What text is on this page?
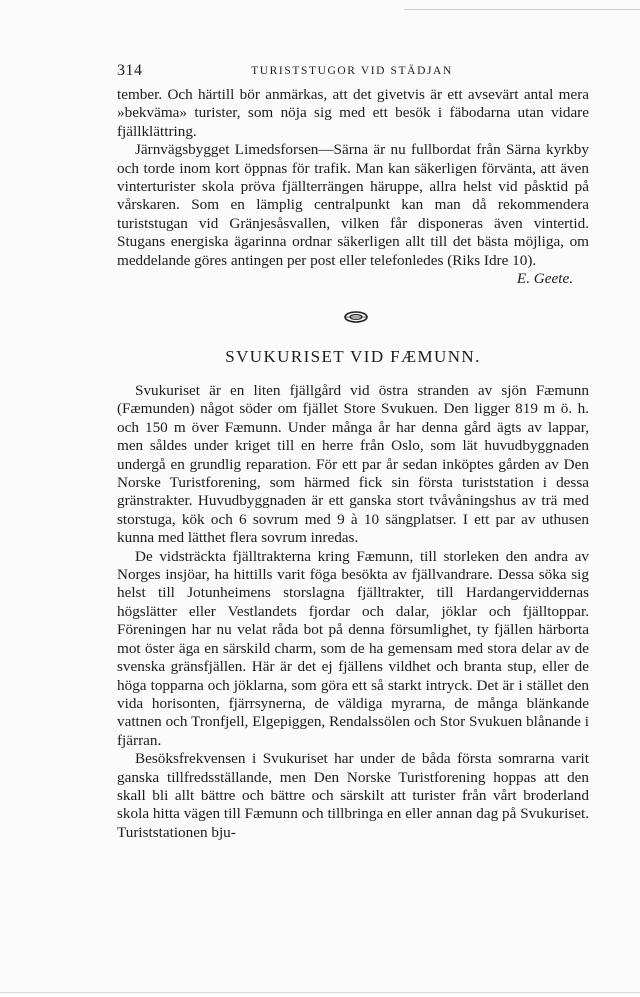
314	TURISTSTUGOR VID STÄDJAN

tember. Och härtill bör anmärkas, att det givetvis är ett avsevärt antal mera »bekväma» turister, som nöja sig med ett besök i fäbodarna utan vidare fjällklättring.

Järnvägsbygget Limedsforsen—Särna är nu fullbordat från Särna kyrkby och torde inom kort öppnas för trafik. Man kan säkerligen förvänta, att även vinterturister skola pröva fjällterrängen häruppe, allra helst vid påsktid på vårskaren. Som en lämplig centralpunkt kan man då rekommendera turiststugan vid Gränjesåsvallen, vilken får disponeras även vintertid. Stugans energiska ägarinna ordnar säkerligen allt till det bästa möjliga, om meddelande göres antingen per post eller telefonledes (Riks Idre 10).

E. Geete.

SVUKURISET VID FÆMUNN.

Svukuriset är en liten fjällgård vid östra stranden av sjön Fæmunn (Fæmunden) något söder om fjället Store Svukuen. Den ligger 819 m ö. h. och 150 m över Fæmunn. Under många år har denna gård ägts av lappar, men såldes under kriget till en herre från Oslo, som lät huvudbyggnaden undergå en grundlig reparation. För ett par år sedan inköptes gården av Den Norske Turistforening, som härmed fick sin första turiststation i dessa gränstrakter. Huvudbyggnaden är ett ganska stort tvåvåningshus av trä med storstuga, kök och 6 sovrum med 9 à 10 sängplatser. I ett par av uthusen kunna med lätthet flera sovrum inredas.

De vidsträckta fjälltrakterna kring Fæmunn, till storleken den andra av Norges insjöar, ha hittills varit föga besökta av fjällvandrare. Dessa söka sig helst till Jotunheimens storslagna fjälltrakter, till Hardangerviddernas högslätter eller Vestlandets fjordar och dalar, jöklar och fjälltoppar. Föreningen har nu velat råda bot på denna försumlighet, ty fjällen härborta mot öster äga en särskild charm, som de ha gemensam med stora delar av de svenska gränsfjällen. Här är det ej fjällens vildhet och branta stup, eller de höga topparna och jöklarna, som göra ett så starkt intryck. Det är i stället den vida horisonten, fjärrsynerna, de väldiga myrarna, de många blänkande vattnen och Tronfjell, Elgepiggen, Rendalssölen och Stor Svukuen blånande i fjärran.

Besöksfrekvensen i Svukuriset har under de båda första somrarna varit ganska tillfredsställande, men Den Norske Turistforening hoppas att den skall bli allt bättre och bättre och särskilt att turister från vårt broderland skola hitta vägen till Fæmunn och tillbringa en eller annan dag på Svukuriset. Turiststationen bju-
